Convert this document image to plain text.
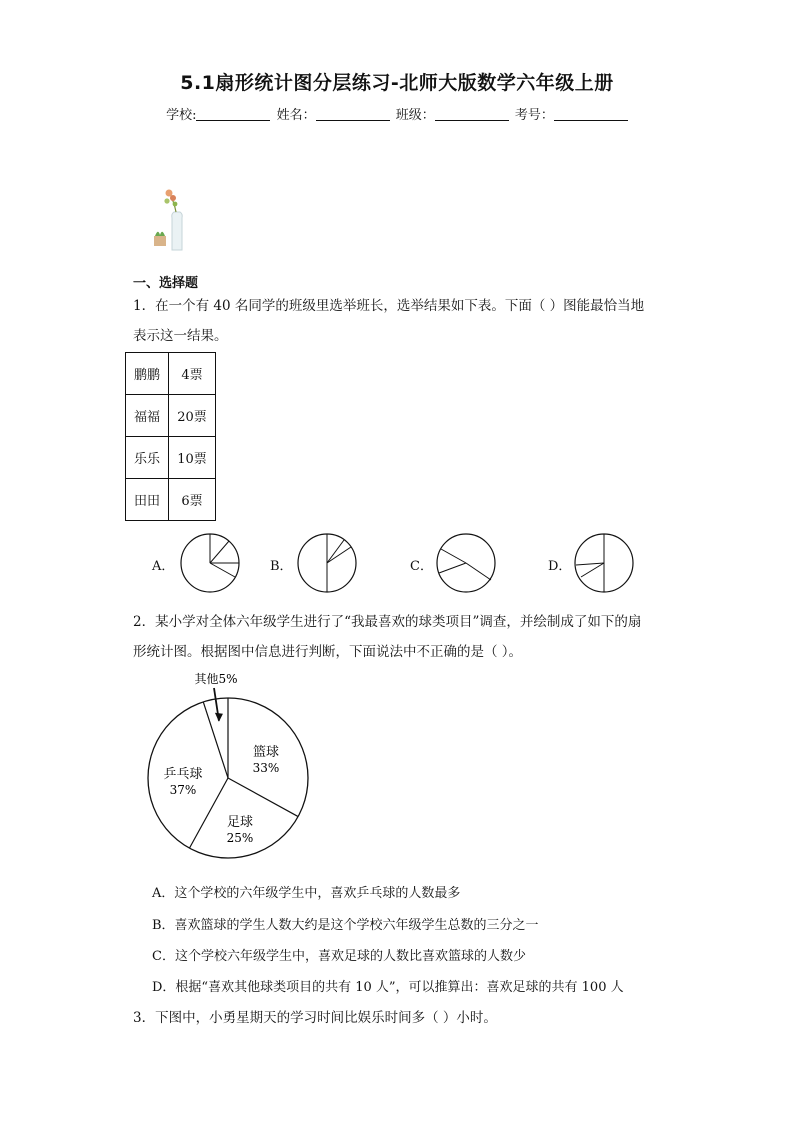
5.1扇形统计图分层练习-北师大版数学六年级上册
学校:	姓名：	班级：	考号：
基	础	巩	固
一、选择题
1．在一个有 40 名同学的班级里选举班长，选举结果如下表。下面（ ）图能最恰当地
表示这一结果。
鹏鹏	4票
福福	20票
乐乐	10票
田田	6票
A．	B．	C．	D．
2．某小学对全体六年级学生进行了“我最喜欢的球类项目”调查，并绘制成了如下的扇
形统计图。根据图中信息进行判断，下面说法中不正确的是（ ）。
篮球
33%
足球
25%
乒乓球
37%
其他5%
A．这个学校的六年级学生中，喜欢乒乓球的人数最多
B．喜欢篮球的学生人数大约是这个学校六年级学生总数的三分之一
C．这个学校六年级学生中，喜欢足球的人数比喜欢篮球的人数少
D．根据“喜欢其他球类项目的共有 10 人”，可以推算出：喜欢足球的共有 100 人
3．下图中，小勇星期天的学习时间比娱乐时间多（ ）小时。
